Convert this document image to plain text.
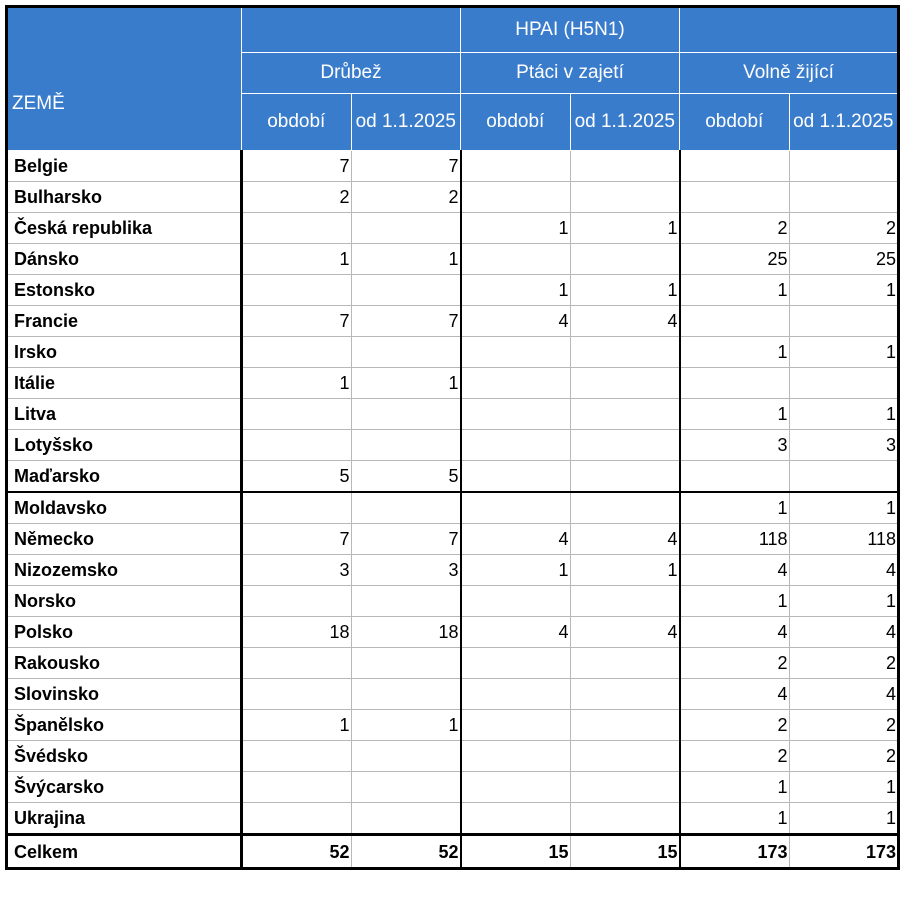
ZEMĚ			HPAI (H5N1)			
	Drůbež		Ptáci v zajetí		Volně žijící	
	období	od 1.1.2025	období	od 1.1.2025	období	od 1.1.2025
Belgie	7	7				
Bulharsko	2	2				
Česká republika			1	1	2	2
Dánsko	1	1			25	25
Estonsko			1	1	1	1
Francie	7	7	4	4		
Irsko					1	1
Itálie	1	1				
Litva					1	1
Lotyšsko					3	3
Maďarsko	5	5				
Moldavsko					1	1
Německo	7	7	4	4	118	118
Nizozemsko	3	3	1	1	4	4
Norsko					1	1
Polsko	18	18	4	4	4	4
Rakousko					2	2
Slovinsko					4	4
Španělsko	1	1			2	2
Švédsko					2	2
Švýcarsko					1	1
Ukrajina					1	1
Celkem	52	52	15	15	173	173
